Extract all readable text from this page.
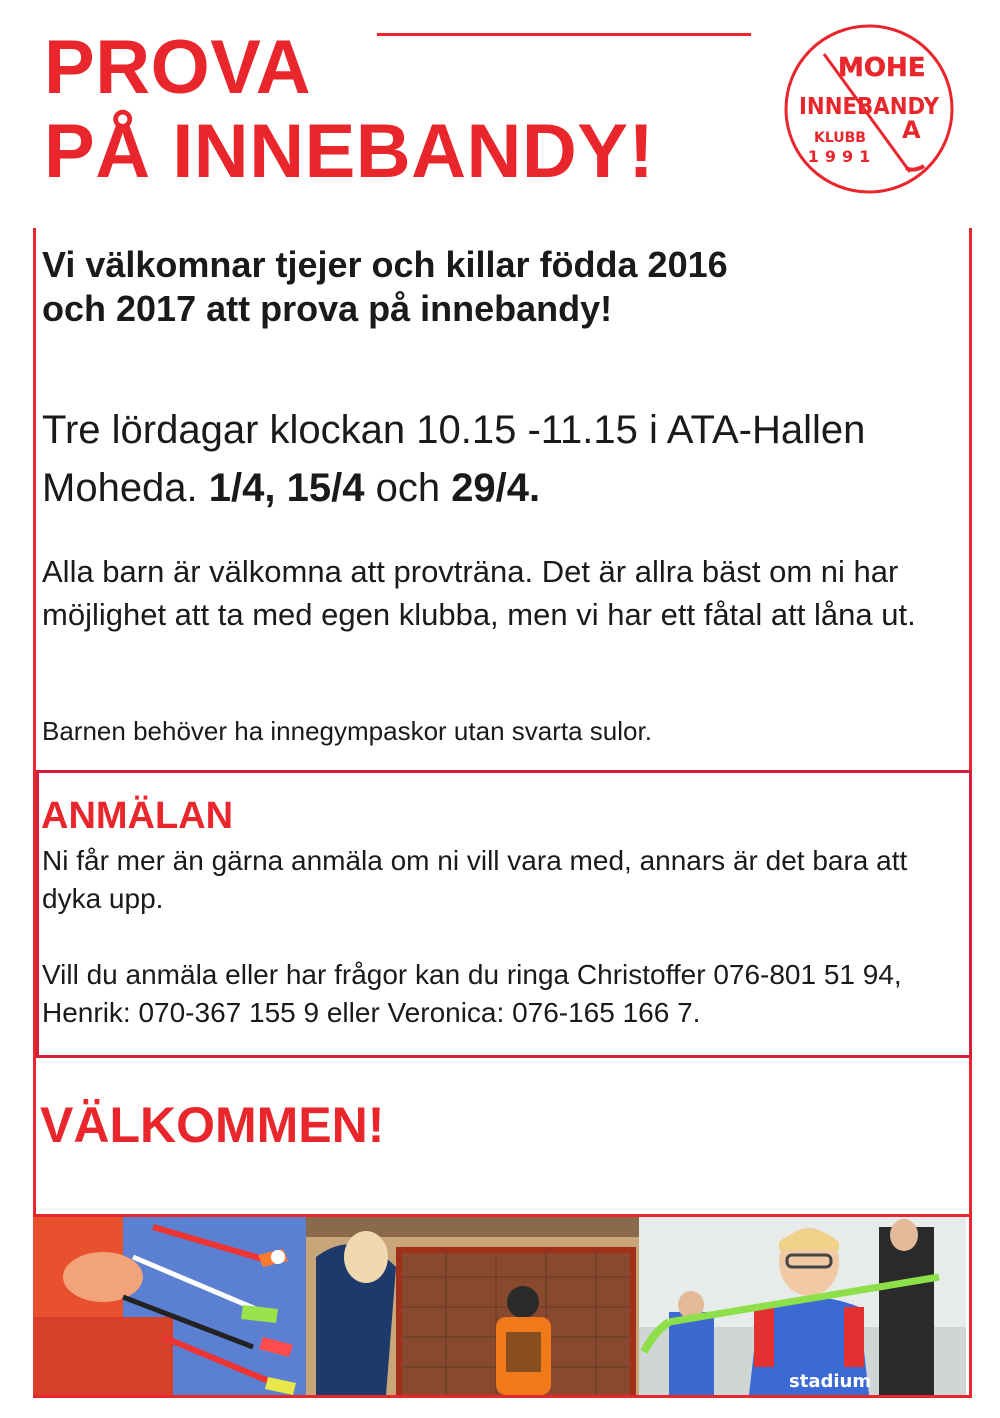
PROVA
PÅ INNEBANDY!
MOHE
A
INNEBANDY
KLUBB
1991

Vi välkomnar tjejer och killar födda 2016
och 2017 att prova på innebandy!

Tre lördagar klockan 10.15 -11.15 i ATA-Hallen
Moheda. 1/4, 15/4 och 29/4.

Alla barn är välkomna att provträna. Det är allra bäst om ni har möjlighet att ta med egen klubba, men vi har ett fåtal att låna ut.

Barnen behöver ha innegympaskor utan svarta sulor.

ANMÄLAN

Ni får mer än gärna anmäla om ni vill vara med, annars är det bara att dyka upp.

Vill du anmäla eller har frågor kan du ringa Christoffer 076-801 51 94, Henrik: 070-367 155 9 eller Veronica: 076-165 166 7.

VÄLKOMMEN!
stadium
